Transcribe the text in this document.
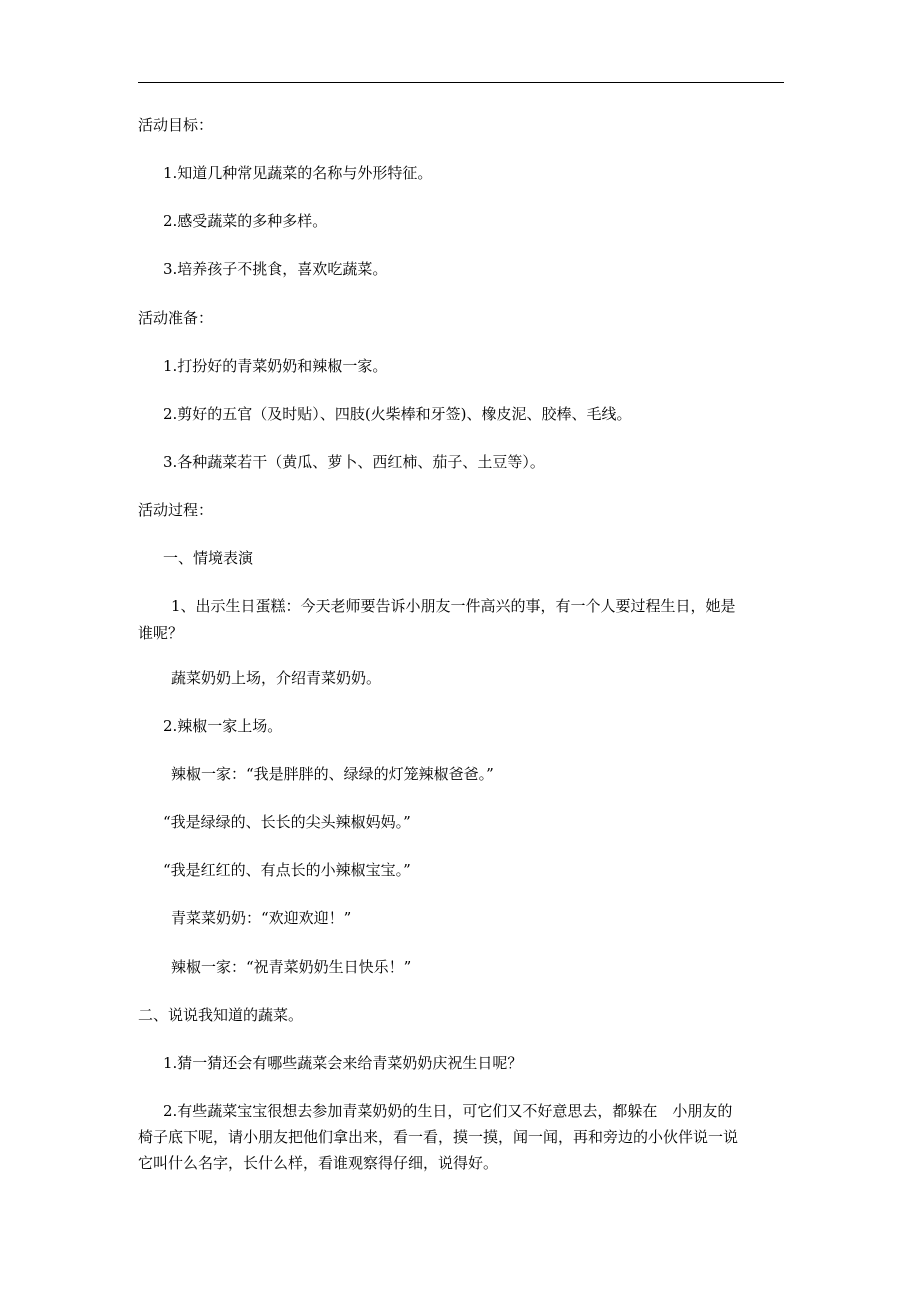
活动目标：
1.知道几种常见蔬菜的名称与外形特征。
2.感受蔬菜的多种多样。
3.培养孩子不挑食，喜欢吃蔬菜。
活动准备：
1.打扮好的青菜奶奶和辣椒一家。
2.剪好的五官（及时贴）、四肢(火柴棒和牙签)、橡皮泥、胶棒、毛线。
3.各种蔬菜若干（黄瓜、萝卜、西红柿、茄子、土豆等）。
活动过程：
一、情境表演
1、出示生日蛋糕：今天老师要告诉小朋友一件高兴的事，有一个人要过程生日，她是
谁呢？
蔬菜奶奶上场，介绍青菜奶奶。
2.辣椒一家上场。
辣椒一家：“我是胖胖的、绿绿的灯笼辣椒爸爸。”
“我是绿绿的、长长的尖头辣椒妈妈。”
“我是红红的、有点长的小辣椒宝宝。”
青菜菜奶奶：“欢迎欢迎！”
辣椒一家：“祝青菜奶奶生日快乐！”
二、说说我知道的蔬菜。
1.猜一猜还会有哪些蔬菜会来给青菜奶奶庆祝生日呢？
2.有些蔬菜宝宝很想去参加青菜奶奶的生日，可它们又不好意思去，都躲在　小朋友的
椅子底下呢，请小朋友把他们拿出来，看一看，摸一摸，闻一闻，再和旁边的小伙伴说一说
它叫什么名字，长什么样，看谁观察得仔细，说得好。
